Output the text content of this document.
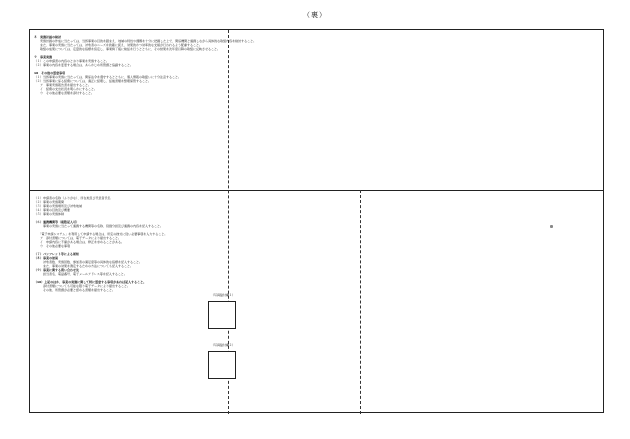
（裏）
８　実施計画の検討
　　実施計画の作成に当たっては、当該事業の目的を踏まえ、地域の特性や課題を十分に把握した上で、関係機関と連携しながら具体的な取組内容を検討すること。
　　また、事業の実施に当たっては、対象者のニーズを的確に捉え、効果的かつ効率的な支援が行われるよう配慮すること。
　　取組の成果については、定量的な指標を設定し、事業終了後に検証を行うとともに、その結果を次年度以降の取組に反映させること。
９　事業実施
（１）この申請書の内容のとおり事業を実施すること。
（２）事業の内容を変更する場合は、あらかじめ所管課と協議すること。
10　その他の留意事項
（１）当該事業の実施に当たっては、関係法令を遵守するとともに、個人情報の取扱いに十分注意すること。
（２）当該事業に係る経費については、適正に経理し、証拠書類を整理保管すること。
　　ア　事業実施報告書を提出すること。
　　イ　経費の支出状況を明らかにすること。
　　ウ　その他必要な書類を添付すること。
（１）申請者の名称（ふりがな）、所在地及び代表者氏名
（２）事業の実施期間
（３）事業の実施場所及び対象地域
（４）事業の目的及び概要
（５）事業の実施体制
（６）連携機関等（複数記入可）
　　　事業の実施に当たって連携する機関等の名称、役割分担及び連携の内容を記入すること。
　　「電子申請システム」を利用して申請する場合は、所定の様式に従い必要事項を入力すること。
　　ア　添付書類については、電子データにより提出すること。
　　イ　申請内容に不備がある場合は、修正を求めることがある。
　　ウ　その他必要な事項
（７）パンフレット等による周知
（８）事業の効果
　　　対象者数、実施回数、参加者の満足度等の具体的な指標を記入すること。
　　　また、事業の効果を測定するための方法についても記入すること。
（９）事業に関する問い合わせ先
　　　担当者名、電話番号、電子メールアドレス等を記入すること。
（10）上記のほか、事業の実施に関して特に留意する事項があれば記入すること。
　　　添付書類についても可能な限り電子データにより提出すること。
　　　その他、所管課が必要と認める書類を提出すること。
（写真貼付欄１）
（写真貼付欄２）
